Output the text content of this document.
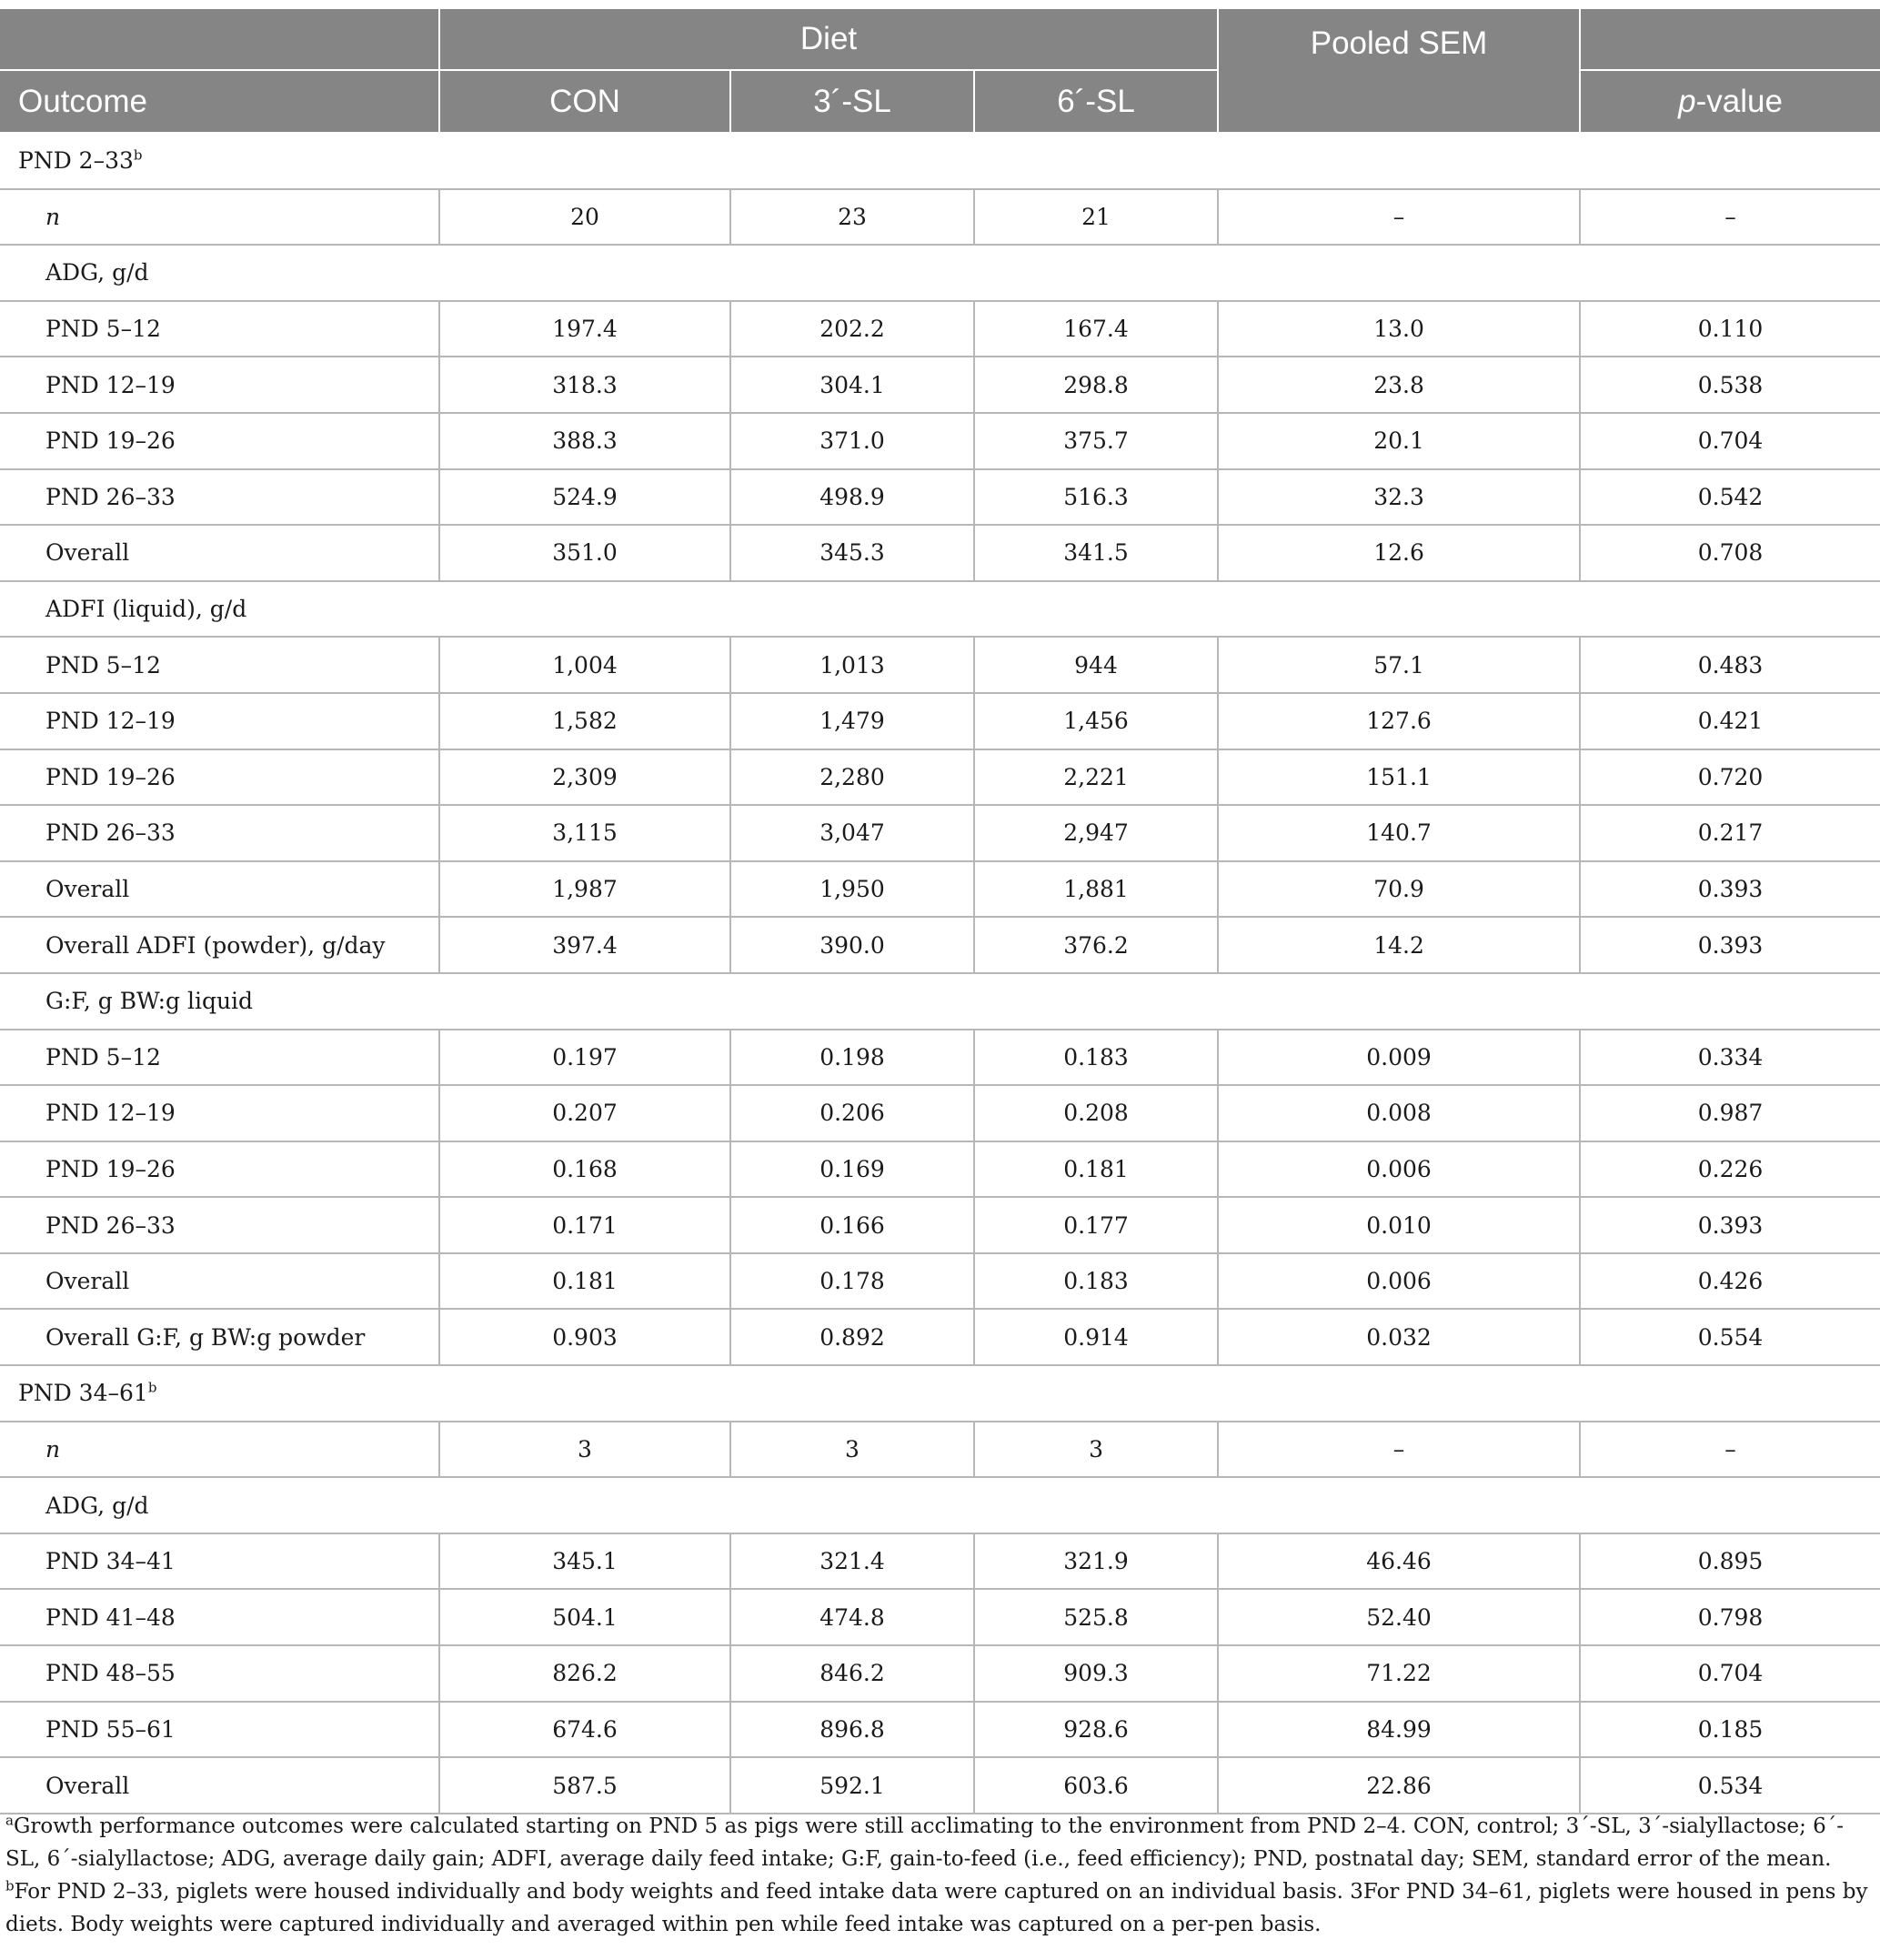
	Diet			Pooled SEM	
Outcome	CON	3´-SL	6´-SL		p-value
PND 2–33$^b$
n	20	23	21	–	–
ADG, g/d					
PND 5–12	197.4	202.2	167.4	13.0	0.110
PND 12–19	318.3	304.1	298.8	23.8	0.538
PND 19–26	388.3	371.0	375.7	20.1	0.704
PND 26–33	524.9	498.9	516.3	32.3	0.542
Overall	351.0	345.3	341.5	12.6	0.708
ADFI (liquid), g/d					
PND 5–12	1,004	1,013	944	57.1	0.483
PND 12–19	1,582	1,479	1,456	127.6	0.421
PND 19–26	2,309	2,280	2,221	151.1	0.720
PND 26–33	3,115	3,047	2,947	140.7	0.217
Overall	1,987	1,950	1,881	70.9	0.393
Overall ADFI (powder), g/day	397.4	390.0	376.2	14.2	0.393
G:F, g BW:g liquid					
PND 5–12	0.197	0.198	0.183	0.009	0.334
PND 12–19	0.207	0.206	0.208	0.008	0.987
PND 19–26	0.168	0.169	0.181	0.006	0.226
PND 26–33	0.171	0.166	0.177	0.010	0.393
Overall	0.181	0.178	0.183	0.006	0.426
Overall G:F, g BW:g powder	0.903	0.892	0.914	0.032	0.554
PND 34–61$^b$
n	3	3	3	–	–
ADG, g/d					
PND 34–41	345.1	321.4	321.9	46.46	0.895
PND 41–48	504.1	474.8	525.8	52.40	0.798
PND 48–55	826.2	846.2	909.3	71.22	0.704
PND 55–61	674.6	896.8	928.6	84.99	0.185
Overall	587.5	592.1	603.6	22.86	0.534

$^a$Growth performance outcomes were calculated starting on PND 5 as pigs were still acclimating to the environment from PND 2–4. CON, control; 3´-SL, 3´-sialyllactose; 6´-SL, 6´-sialyllactose; ADG, average daily gain; ADFI, average daily feed intake; G:F, gain-to-feed (i.e., feed efficiency); PND, postnatal day; SEM, standard error of the mean.

$^b$For PND 2–33, piglets were housed individually and body weights and feed intake data were captured on an individual basis. 3For PND 34–61, piglets were housed in pens by diets. Body weights were captured individually and averaged within pen while feed intake was captured on a per-pen basis.
